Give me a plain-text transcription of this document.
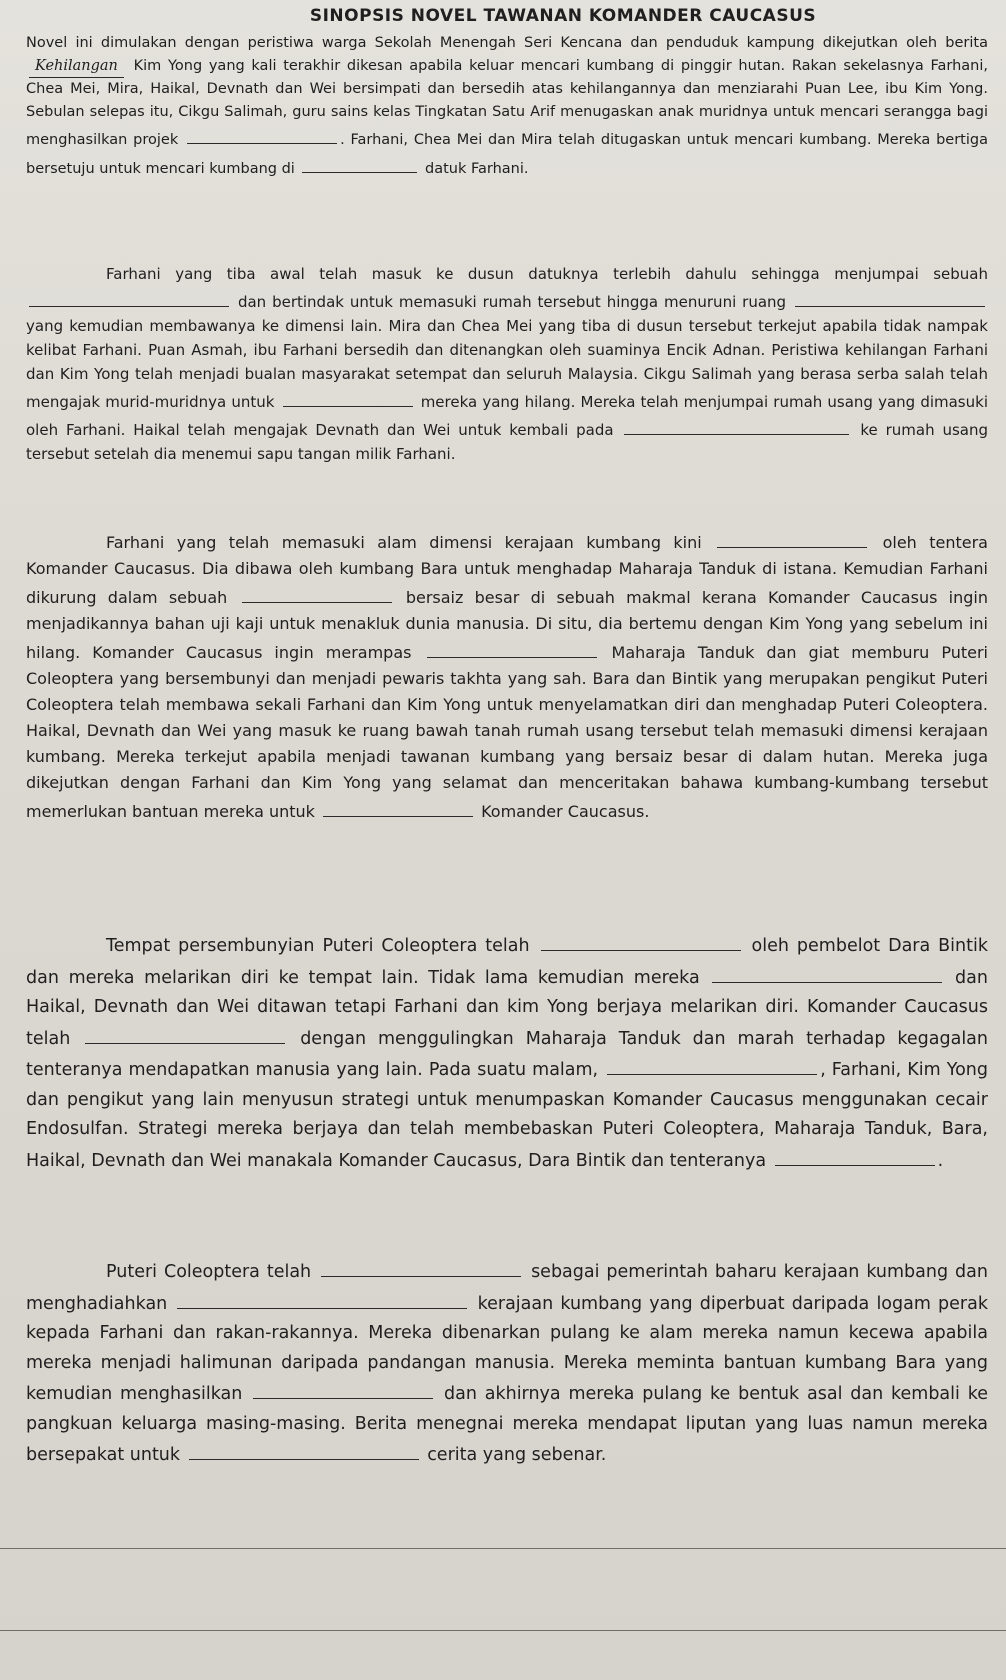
SINOPSIS NOVEL TAWANAN KOMANDER CAUCASUS

Novel ini dimulakan dengan peristiwa warga Sekolah Menengah Seri Kencana dan penduduk kampung dikejutkan oleh berita Kehilangan Kim Yong yang kali terakhir dikesan apabila keluar mencari kumbang di pinggir hutan. Rakan sekelasnya Farhani, Chea Mei, Mira, Haikal, Devnath dan Wei bersimpati dan bersedih atas kehilangannya dan menziarahi Puan Lee, ibu Kim Yong. Sebulan selepas itu, Cikgu Salimah, guru sains kelas Tingkatan Satu Arif menugaskan anak muridnya untuk mencari serangga bagi menghasilkan projek	. Farhani, Chea Mei dan Mira telah ditugaskan untuk mencari kumbang. Mereka bertiga bersetuju untuk mencari kumbang di	datuk Farhani.

Farhani yang tiba awal telah masuk ke dusun datuknya terlebih dahulu sehingga menjumpai sebuah  dan bertindak untuk memasuki rumah tersebut hingga menuruni ruang  yang kemudian membawanya ke dimensi lain. Mira dan Chea Mei yang tiba di dusun tersebut terkejut apabila tidak nampak kelibat Farhani. Puan Asmah, ibu Farhani bersedih dan ditenangkan oleh suaminya Encik Adnan. Peristiwa kehilangan Farhani dan Kim Yong telah menjadi bualan masyarakat setempat dan seluruh Malaysia. Cikgu Salimah yang berasa serba salah telah mengajak murid-muridnya untuk	mereka yang hilang. Mereka telah menjumpai rumah usang yang dimasuki oleh Farhani. Haikal telah mengajak Devnath dan Wei untuk kembali pada	ke rumah usang tersebut setelah dia menemui sapu tangan milik Farhani.

Farhani yang telah memasuki alam dimensi kerajaan kumbang kini	oleh tentera Komander Caucasus. Dia dibawa oleh kumbang Bara untuk menghadap Maharaja Tanduk di istana. Kemudian Farhani dikurung dalam sebuah	bersaiz besar di sebuah makmal kerana Komander Caucasus ingin menjadikannya bahan uji kaji untuk menakluk dunia manusia. Di situ, dia bertemu dengan Kim Yong yang sebelum ini hilang. Komander Caucasus ingin merampas	Maharaja Tanduk dan giat memburu Puteri Coleoptera yang bersembunyi dan menjadi pewaris takhta yang sah. Bara dan Bintik yang merupakan pengikut Puteri Coleoptera telah membawa sekali Farhani dan Kim Yong untuk menyelamatkan diri dan menghadap Puteri Coleoptera. Haikal, Devnath dan Wei yang masuk ke ruang bawah tanah rumah usang tersebut telah memasuki dimensi kerajaan kumbang. Mereka terkejut apabila menjadi tawanan kumbang yang bersaiz besar di dalam hutan. Mereka juga dikejutkan dengan Farhani dan Kim Yong yang selamat dan menceritakan bahawa kumbang-kumbang tersebut memerlukan bantuan mereka untuk	Komander Caucasus.

Tempat persembunyian Puteri Coleoptera telah	oleh pembelot Dara Bintik dan mereka melarikan diri ke tempat lain. Tidak lama kemudian mereka	dan Haikal, Devnath dan Wei ditawan tetapi Farhani dan kim Yong berjaya melarikan diri. Komander Caucasus telah	dengan menggulingkan Maharaja Tanduk dan marah terhadap kegagalan tenteranya mendapatkan manusia yang lain. Pada suatu malam,	, Farhani, Kim Yong dan pengikut yang lain menyusun strategi untuk menumpaskan Komander Caucasus menggunakan cecair Endosulfan. Strategi mereka berjaya dan telah membebaskan Puteri Coleoptera, Maharaja Tanduk, Bara, Haikal, Devnath dan Wei manakala Komander Caucasus, Dara Bintik dan tenteranya	.

Puteri Coleoptera telah	sebagai pemerintah baharu kerajaan kumbang dan menghadiahkan	kerajaan kumbang yang diperbuat daripada logam perak kepada Farhani dan rakan-rakannya. Mereka dibenarkan pulang ke alam mereka namun kecewa apabila mereka menjadi halimunan daripada pandangan manusia. Mereka meminta bantuan kumbang Bara yang kemudian menghasilkan	dan akhirnya mereka pulang ke bentuk asal dan kembali ke pangkuan keluarga masing-masing. Berita menegnai mereka mendapat liputan yang luas namun mereka bersepakat untuk	cerita yang sebenar.
